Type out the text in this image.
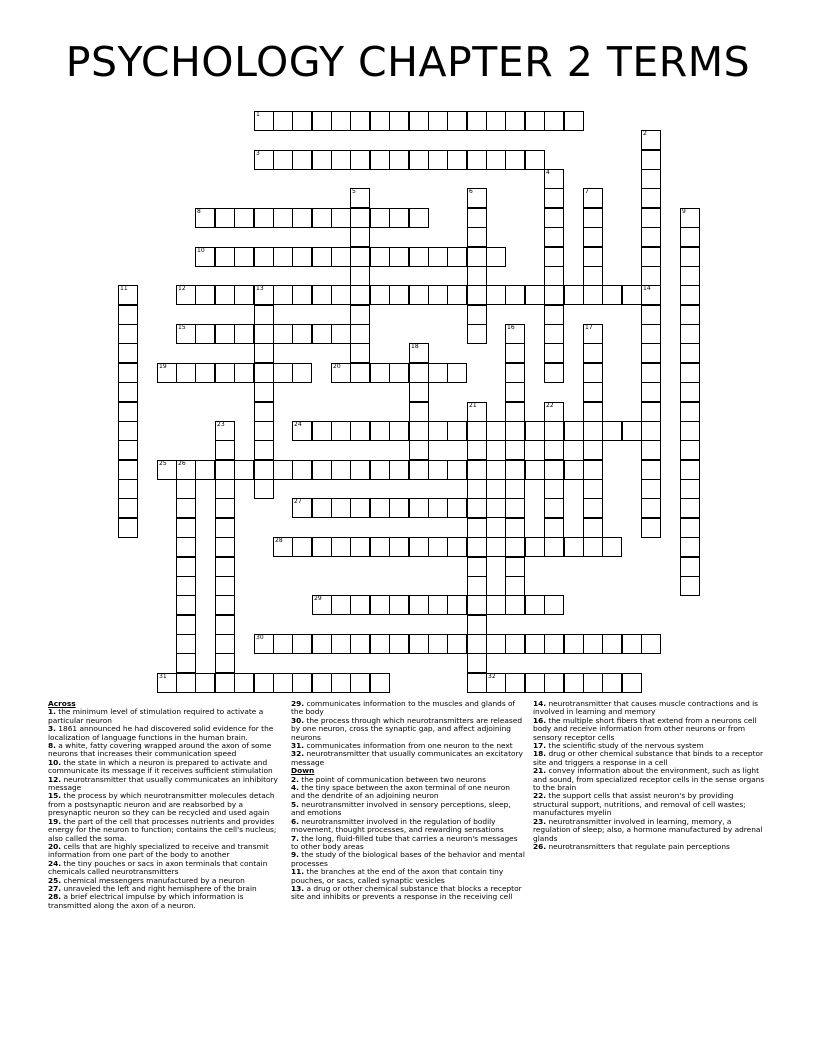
PSYCHOLOGY CHAPTER 2 TERMS
1
2
14
3
4
5	6	7
8	9
10
11	12	13
15	16	17
18
19	20
21	22
23	24
25 26
27
28
29
30
31	32
Across
1. the minimum level of stimulation required to activate a particular neuron
3. 1861 announced he had discovered solid evidence for the localization of language functions in the human brain.
8. a white, fatty covering wrapped around the axon of some neurons that increases their communication speed
10. the state in which a neuron is prepared to activate and communicate its message if it receives sufficient stimulation
12. neurotransmitter that usually communicates an inhibitory message
15. the process by which neurotransmitter molecules detach from a postsynaptic neuron and are reabsorbed by a presynaptic neuron so they can be recycled and used again
19. the part of the cell that processes nutrients and provides energy for the neuron to function; contains the cell's nucleus; also called the soma.
20. cells that are highly specialized to receive and transmit information from one part of the body to another
24. the tiny pouches or sacs in axon terminals that contain chemicals called neurotransmitters
25. chemical messengers manufactured by a neuron
27. unraveled the left and right hemisphere of the brain
28. a brief electrical impulse by which information is transmitted along the axon of a neuron.
29. communicates information to the muscles and glands of the body
30. the process through which neurotransmitters are released by one neuron, cross the synaptic gap, and affect adjoining neurons
31. communicates information from one neuron to the next
32. neurotransmitter that usually communicates an excitatory message
Down
2. the point of communication between two neurons
4. the tiny space between the axon terminal of one neuron and the dendrite of an adjoining neuron
5. neurotransmitter involved in sensory perceptions, sleep, and emotions
6. neurotransmitter involved in the regulation of bodily movement, thought processes, and rewarding sensations
7. the long, fluid-filled tube that carries a neuron's messages to other body areas
9. the study of the biological bases of the behavior and mental processes
11. the branches at the end of the axon that contain tiny pouches, or sacs, called synaptic vesicles
13. a drug or other chemical substance that blocks a receptor site and inhibits or prevents a response in the receiving cell
14. neurotransmitter that causes muscle contractions and is involved in learning and memory
16. the multiple short fibers that extend from a neurons cell body and receive information from other neurons or from sensory receptor cells
17. the scientific study of the nervous system
18. drug or other chemical substance that binds to a receptor site and triggers a response in a cell
21. convey information about the environment, such as light and sound, from specialized receptor cells in the sense organs to the brain
22. the support cells that assist neuron's by providing structural support, nutritions, and removal of cell wastes; manufactures myelin
23. neurotransmitter involved in learning, memory, a regulation of sleep; also, a hormone manufactured by adrenal glands
26. neurotransmitters that regulate pain perceptions
